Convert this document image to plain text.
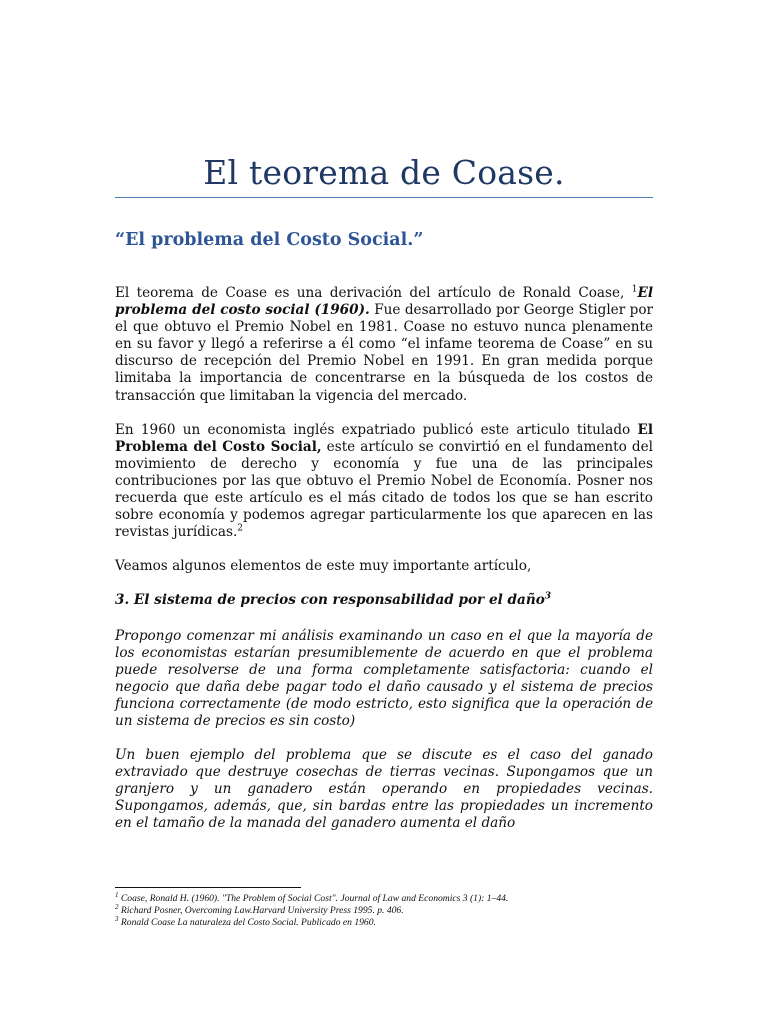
El teorema de Coase.
“El problema del Costo Social.”

El teorema de Coase es una derivación del artículo de Ronald Coase, $^1$El problema del costo social (1960). Fue desarrollado por George Stigler por el que obtuvo el Premio Nobel en 1981. Coase no estuvo nunca plenamente en su favor y llegó a referirse a él como “el infame teorema de Coase” en su discurso de recepción del Premio Nobel en 1991. En gran medida porque limitaba la importancia de concentrarse en la búsqueda de los costos de transacción que limitaban la vigencia del mercado.

En 1960 un economista inglés expatriado publicó este articulo titulado El Problema del Costo Social, este artículo se convirtió en el fundamento del movimiento de derecho y economía y fue una de las principales contribuciones por las que obtuvo el Premio Nobel de Economía. Posner nos recuerda que este artículo es el más citado de todos los que se han escrito sobre economía y podemos agregar particularmente los que aparecen en las revistas jurídicas.$^2$

Veamos algunos elementos de este muy importante artículo,

3. El sistema de precios con responsabilidad por el daño$^3$

Propongo comenzar mi análisis examinando un caso en el que la mayoría de los economistas estarían presumiblemente de acuerdo en que el problema puede resolverse de una forma completamente satisfactoria: cuando el negocio que daña debe pagar todo el daño causado y el sistema de precios funciona correctamente (de modo estricto, esto significa que la operación de un sistema de precios es sin costo)

Un buen ejemplo del problema que se discute es el caso del ganado extraviado que destruye cosechas de tierras vecinas. Supongamos que un granjero y un ganadero están operando en propiedades vecinas. Supongamos, además, que, sin bardas entre las propiedades un incremento en el tamaño de la manada del ganadero aumenta el daño

$^1$ Coase, Ronald H. (1960). "The Problem of Social Cost". Journal of Law and Economics 3 (1): 1–44.
$^2$ Richard Posner, Overcoming Law.Harvard University Press 1995. p. 406.
$^3$ Ronald Coase La naturaleza del Costo Social. Publicado en 1960.
